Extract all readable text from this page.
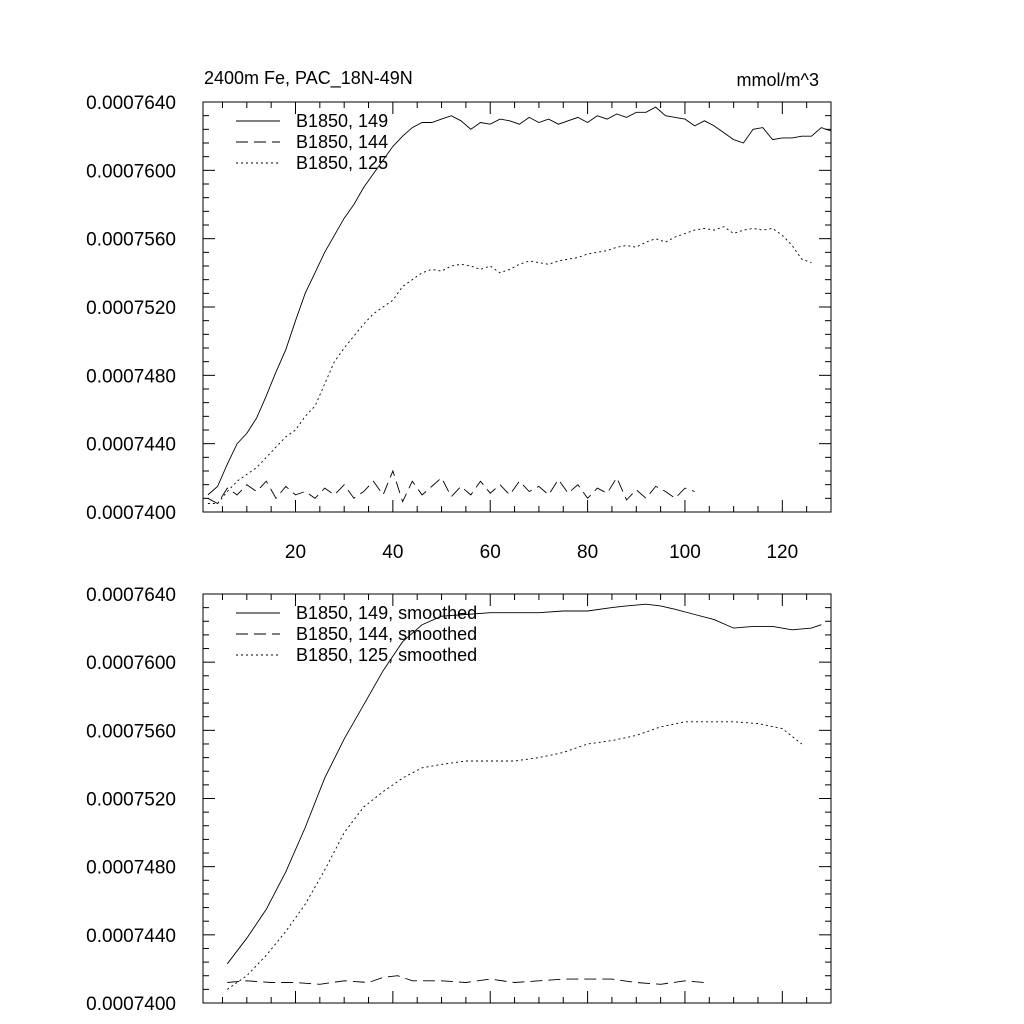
2400m Fe, PAC_18N-49N	mmol/m^3
0.0007400
0.0007440
0.0007480
0.0007520
0.0007560
0.0007600
0.0007640
20	40	60	80	100	120
B1850, 149
B1850, 144
B1850, 125
0.0007400
0.0007440
0.0007480
0.0007520
0.0007560
0.0007600
0.0007640
B1850, 149, smoothed
B1850, 144, smoothed
B1850, 125, smoothed
